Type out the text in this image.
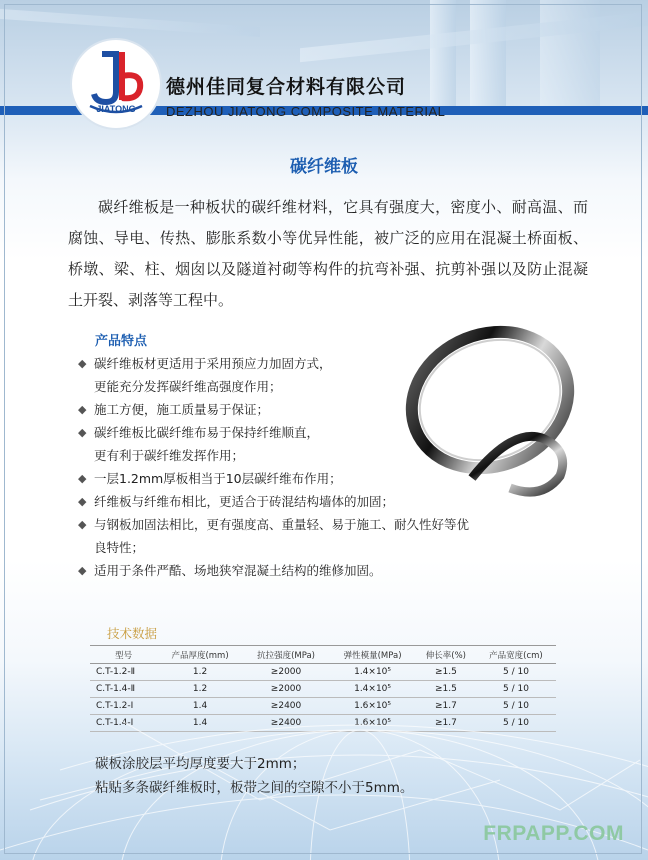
JIATONG
德州佳同复合材料有限公司
DEZHOU JIATONG COMPOSITE MATERIAL
碳纤维板
碳纤维板是一种板状的碳纤维材料，它具有强度大，密度小、耐高温、而腐蚀、导电、传热、膨胀系数小等优异性能，被广泛的应用在混凝土桥面板、桥墩、梁、柱、烟囱以及隧道衬砌等构件的抗弯补强、抗剪补强以及防止混凝土开裂、剥落等工程中。
产品特点
◆ 碳纤维板材更适用于采用预应力加固方式，
更能充分发挥碳纤维高强度作用；
◆ 施工方便，施工质量易于保证；
◆ 碳纤维板比碳纤维布易于保持纤维顺直，
更有利于碳纤维发挥作用；
◆ 一层1.2mm厚板相当于10层碳纤维布作用；
◆ 纤维板与纤维布相比，更适合于砖混结构墙体的加固；
◆ 与钢板加固法相比，更有强度高、重量轻、易于施工、耐久性好等优
良特性；
◆ 适用于条件严酷、场地狭窄混凝土结构的维修加固。
技术数据
型号	产品厚度(mm)	抗拉强度(MPa)	弹性模量(MPa)	伸长率(%)	产品宽度(cm)
C.T-1.2-Ⅱ	1.2	≥2000	1.4×10⁵	≥1.5	5 / 10
C.T-1.4-Ⅱ	1.2	≥2000	1.4×10⁵	≥1.5	5 / 10
C.T-1.2-Ⅰ	1.4	≥2400	1.6×10⁵	≥1.7	5 / 10
C.T-1.4-Ⅰ	1.4	≥2400	1.6×10⁵	≥1.7	5 / 10
碳板涂胶层平均厚度要大于2mm；
粘贴多条碳纤维板时，板带之间的空隙不小于5mm。
FRPAPP.COM
